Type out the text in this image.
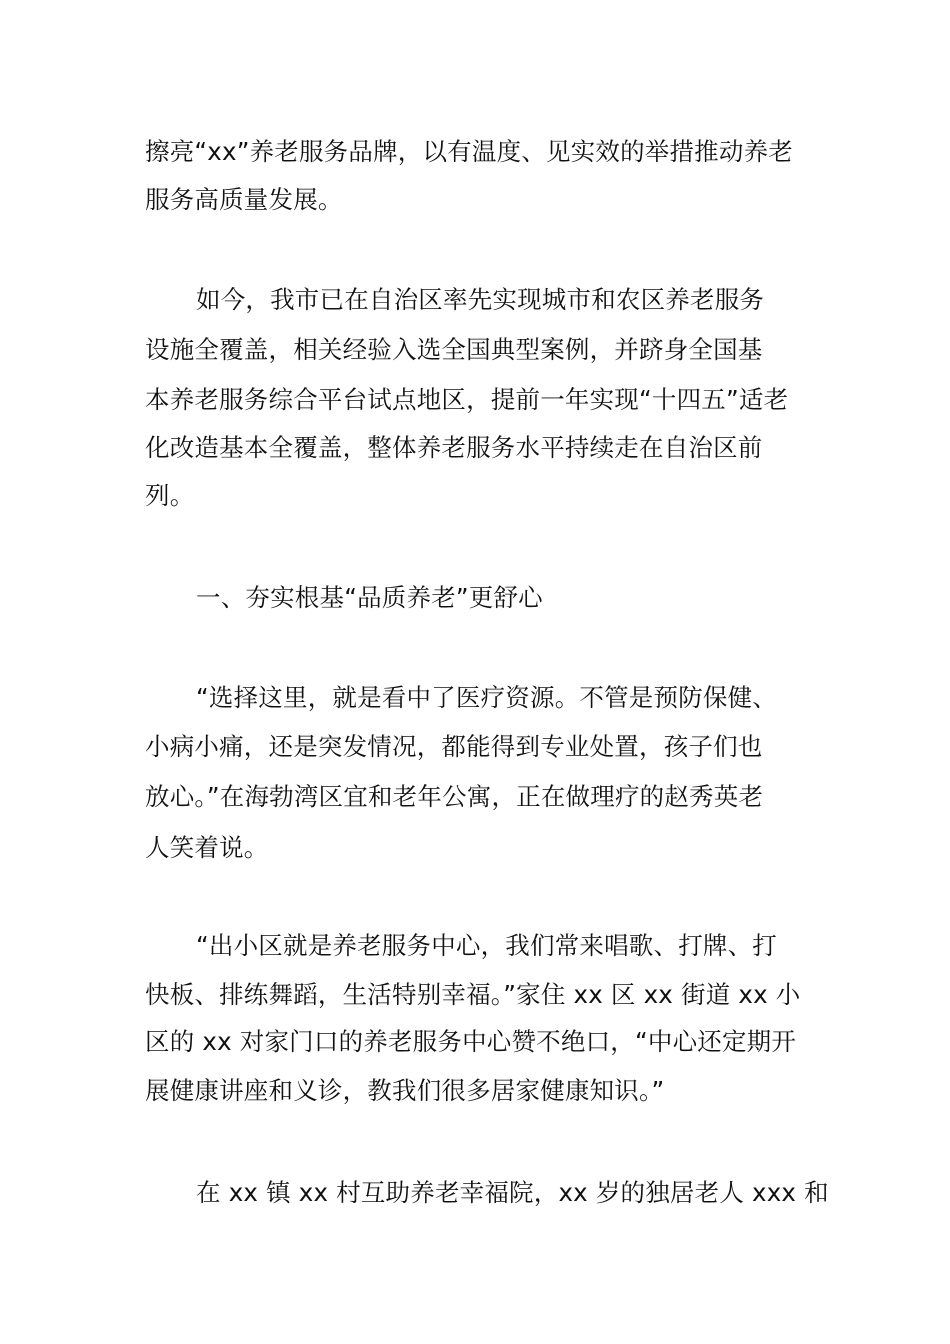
擦亮“xx”养老服务品牌，以有温度、见实效的举措推动养老
服务高质量发展。
如今，我市已在自治区率先实现城市和农区养老服务
设施全覆盖，相关经验入选全国典型案例，并跻身全国基
本养老服务综合平台试点地区，提前一年实现“十四五”适老
化改造基本全覆盖，整体养老服务水平持续走在自治区前
列。
一、夯实根基“品质养老”更舒心
“选择这里，就是看中了医疗资源。不管是预防保健、
小病小痛，还是突发情况，都能得到专业处置，孩子们也
放心。”在海勃湾区宜和老年公寓，正在做理疗的赵秀英老
人笑着说。
“出小区就是养老服务中心，我们常来唱歌、打牌、打
快板、排练舞蹈，生活特别幸福。”家住 xx 区 xx 街道 xx 小
区的 xx 对家门口的养老服务中心赞不绝口，“中心还定期开
展健康讲座和义诊，教我们很多居家健康知识。”
在 xx 镇 xx 村互助养老幸福院，xx 岁的独居老人 xxx 和
